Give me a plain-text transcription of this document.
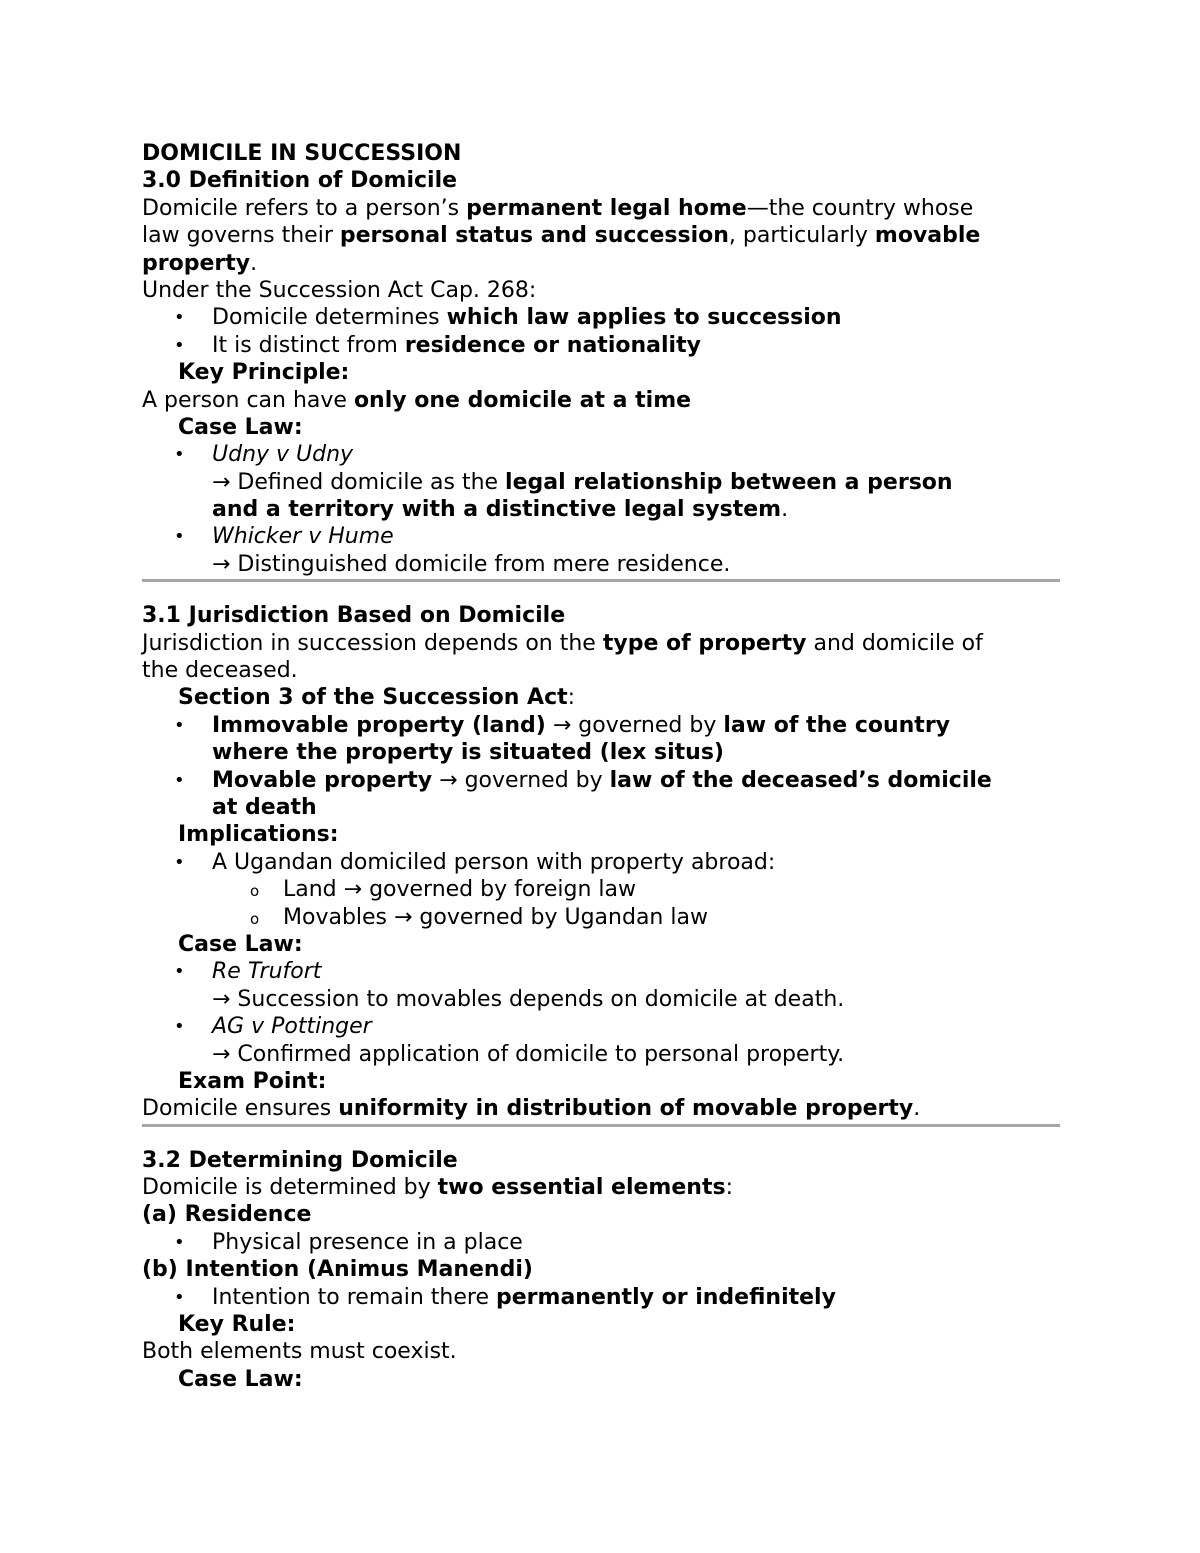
DOMICILE IN SUCCESSION
3.0 Definition of Domicile
Domicile refers to a person’s permanent legal home—the country whose
law governs their personal status and succession, particularly movable
property.
Under the Succession Act Cap. 268:
• Domicile determines which law applies to succession
• It is distinct from residence or nationality
Key Principle:
A person can have only one domicile at a time
Case Law:
• Udny v Udny
→ Defined domicile as the legal relationship between a person
and a territory with a distinctive legal system.
• Whicker v Hume
→ Distinguished domicile from mere residence.
3.1 Jurisdiction Based on Domicile
Jurisdiction in succession depends on the type of property and domicile of
the deceased.
Section 3 of the Succession Act:
• Immovable property (land) → governed by law of the country
where the property is situated (lex situs)
• Movable property → governed by law of the deceased’s domicile
at death
Implications:
• A Ugandan domiciled person with property abroad:
o Land → governed by foreign law
o Movables → governed by Ugandan law
Case Law:
• Re Trufort
→ Succession to movables depends on domicile at death.
• AG v Pottinger
→ Confirmed application of domicile to personal property.
Exam Point:
Domicile ensures uniformity in distribution of movable property.
3.2 Determining Domicile
Domicile is determined by two essential elements:
(a) Residence
• Physical presence in a place
(b) Intention (Animus Manendi)
• Intention to remain there permanently or indefinitely
Key Rule:
Both elements must coexist.
Case Law:
